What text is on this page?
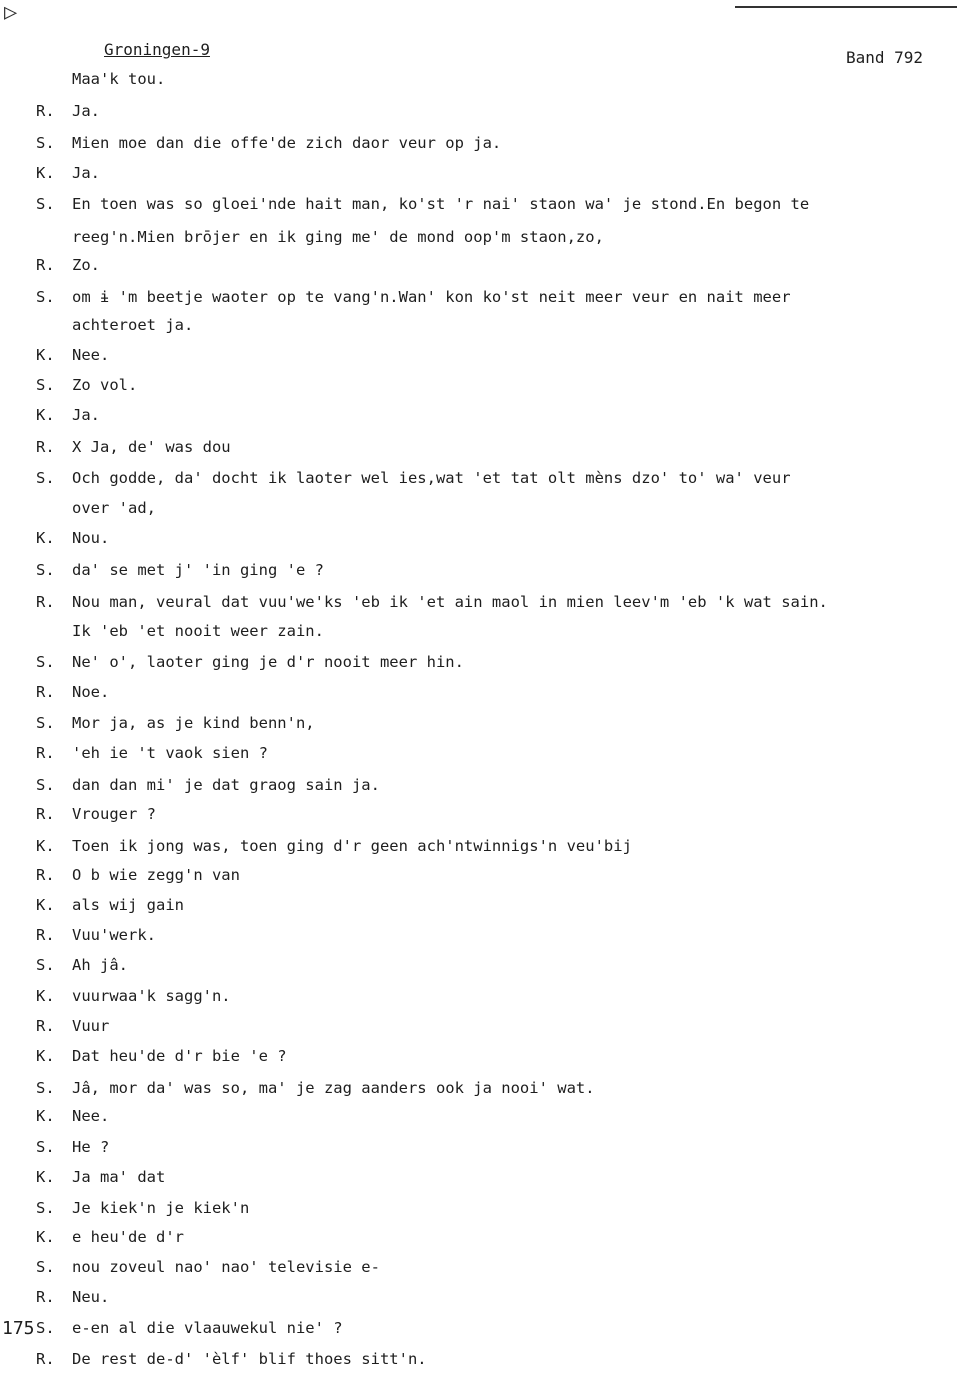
▷
Groningen-9	Band 792
Maa'k tou.
R.	Ja.
S.	Mien moe dan die offe'de zich daor veur op ja.
K.	Ja.
S.	En toen was so gloei'nde hait man, ko'st 'r nai' staon wa' je stond.En begon te
reeg'n.Mien brōjer en ik ging me' de mond oop'm staon,zo,
R.	Zo.
S.	om ɨ 'm beetje waoter op te vang'n.Wan' kon ko'st neit meer veur en nait meer
achteroet ja.
K.	Nee.
S.	Zo vol.
K.	Ja.
R.	X Ja, de' was dou
S.	Och godde, da' docht ik laoter wel ies,wat 'et tat olt mèns dzo' to' wa' veur
over 'ad,
K.	Nou.
S.	da' se met j' 'in ging 'e ?
R.	Nou man, veural dat vuu'we'ks 'eb ik 'et ain maol in mien leev'm 'eb 'k wat sain.
Ik 'eb 'et nooit weer zain.
S.	Ne' o', laoter ging je d'r nooit meer hin.
R.	Noe.
S.	Mor ja, as je kind benn'n,
R.	'eh ie 't vaok sien ?
S.	dan dan mi' je dat graog sain ja.
R.	Vrouger ?
K.	Toen ik jong was, toen ging d'r geen ach'ntwinnigs'n veu'bij
R.	O b wie zegg'n van
K.	als wij gain
R.	Vuu'werk.
S.	Ah jâ.
K.	vuurwaa'k sagg'n.
R.	Vuur
K.	Dat heu'de d'r bie 'e ?
S.	Jâ, mor da' was so, ma' je zag aanders ook ja nooi' wat.
K.	Nee.
S.	He ?
K.	Ja ma' dat
S.	Je kiek'n je kiek'n
K.	e heu'de d'r
S.	nou zoveul nao' nao' televisie e-
R.	Neu.
S.	e-en al die vlaauwekul nie' ?
R.	De rest de-d' 'èlf' blif thoes sitt'n.
175
